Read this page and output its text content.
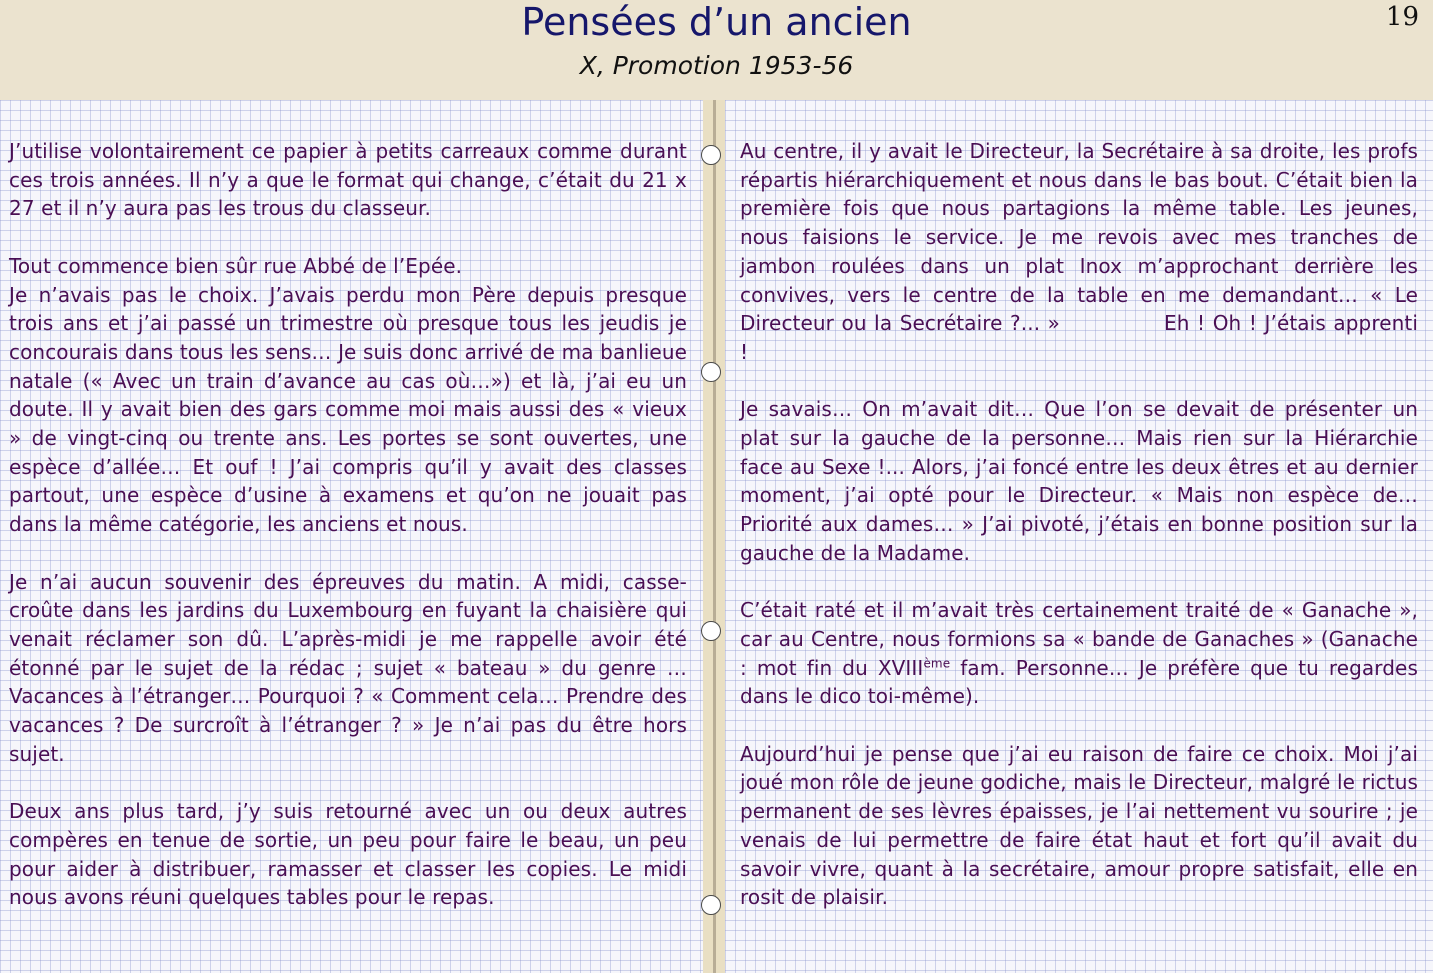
Pensées d’un ancien
X, Promotion 1953-56
19

J’utilise volontairement ce papier à petits carreaux comme durant ces trois années. Il n’y a que le format qui change, c’était du 21 x 27 et il n’y aura pas les trous du classeur.

Tout commence bien sûr rue Abbé de l’Epée.
Je n’avais pas le choix. J’avais perdu mon Père depuis presque trois ans et j’ai passé un trimestre où presque tous les jeudis je concourais dans tous les sens… Je suis donc arrivé de ma banlieue natale (« Avec un train d’avance au cas où…») et là, j’ai eu un doute. Il y avait bien des gars comme moi mais aussi des « vieux » de vingt-cinq ou trente ans. Les portes se sont ouvertes, une espèce d’allée… Et ouf ! J’ai compris qu’il y avait des classes partout, une espèce d’usine à examens et qu’on ne jouait pas dans la même catégorie, les anciens et nous.

Je n’ai aucun souvenir des épreuves du matin. A midi, casse-croûte dans les jardins du Luxembourg en fuyant la chaisière qui venait réclamer son dû. L’après-midi je me rappelle avoir été étonné par le sujet de la rédac ; sujet « bateau » du genre … Vacances à l’étranger… Pourquoi ? « Comment cela… Prendre des vacances ? De surcroît à l’étranger ? » Je n’ai pas du être hors sujet.

Deux ans plus tard, j’y suis retourné avec un ou deux autres compères en tenue de sortie, un peu pour faire le beau, un peu pour aider à distribuer, ramasser et classer les copies. Le midi nous avons réuni quelques tables pour le repas.

Au centre, il y avait le Directeur, la Secrétaire à sa droite, les profs répartis hiérarchiquement et nous dans le bas bout. C’était bien la première fois que nous partagions la même table. Les jeunes, nous faisions le service. Je me revois avec mes tranches de jambon roulées dans un plat Inox m’approchant derrière les convives, vers le centre de la table en me demandant… « Le Directeur ou la Secrétaire ?... »	Eh ! Oh ! J’étais apprenti !

Je savais… On m’avait dit… Que l’on se devait de présenter un plat sur la gauche de la personne… Mais rien sur la Hiérarchie face au Sexe !... Alors, j’ai foncé entre les deux êtres et au dernier moment, j’ai opté pour le Directeur. « Mais non espèce de… Priorité aux dames… » J’ai pivoté, j’étais en bonne position sur la gauche de la Madame.

C’était raté et il m’avait très certainement traité de « Ganache », car au Centre, nous formions sa « bande de Ganaches » (Ganache : mot fin du XVIIIème fam. Personne… Je préfère que tu regardes dans le dico toi-même).

Aujourd’hui je pense que j’ai eu raison de faire ce choix. Moi j’ai joué mon rôle de jeune godiche, mais le Directeur, malgré le rictus permanent de ses lèvres épaisses, je l’ai nettement vu sourire ; je venais de lui permettre de faire état haut et fort qu’il avait du savoir vivre, quant à la secrétaire, amour propre satisfait, elle en rosit de plaisir.
